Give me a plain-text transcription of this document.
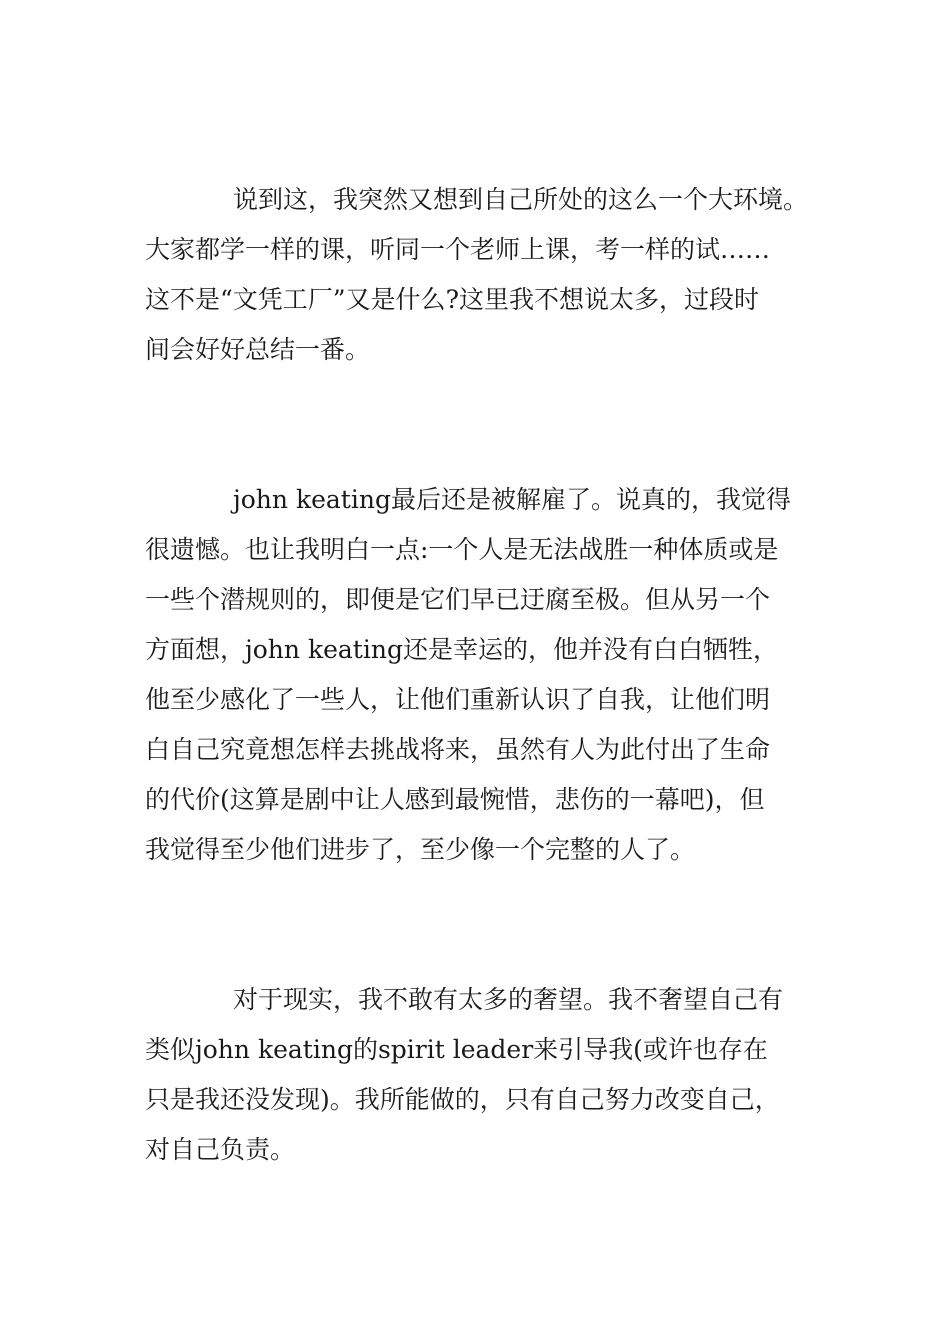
说到这，我突然又想到自己所处的这么一个大环境。
大家都学一样的课，听同一个老师上课，考一样的试……
这不是“文凭工厂”又是什么?这里我不想说太多，过段时
间会好好总结一番。
john keating最后还是被解雇了。说真的，我觉得
很遗憾。也让我明白一点:一个人是无法战胜一种体质或是
一些个潜规则的，即便是它们早已迂腐至极。但从另一个
方面想，john keating还是幸运的，他并没有白白牺牲，
他至少感化了一些人，让他们重新认识了自我，让他们明
白自己究竟想怎样去挑战将来，虽然有人为此付出了生命
的代价(这算是剧中让人感到最惋惜，悲伤的一幕吧)，但
我觉得至少他们进步了，至少像一个完整的人了。
对于现实，我不敢有太多的奢望。我不奢望自己有
类似john keating的spirit leader来引导我(或许也存在
只是我还没发现)。我所能做的，只有自己努力改变自己，
对自己负责。
